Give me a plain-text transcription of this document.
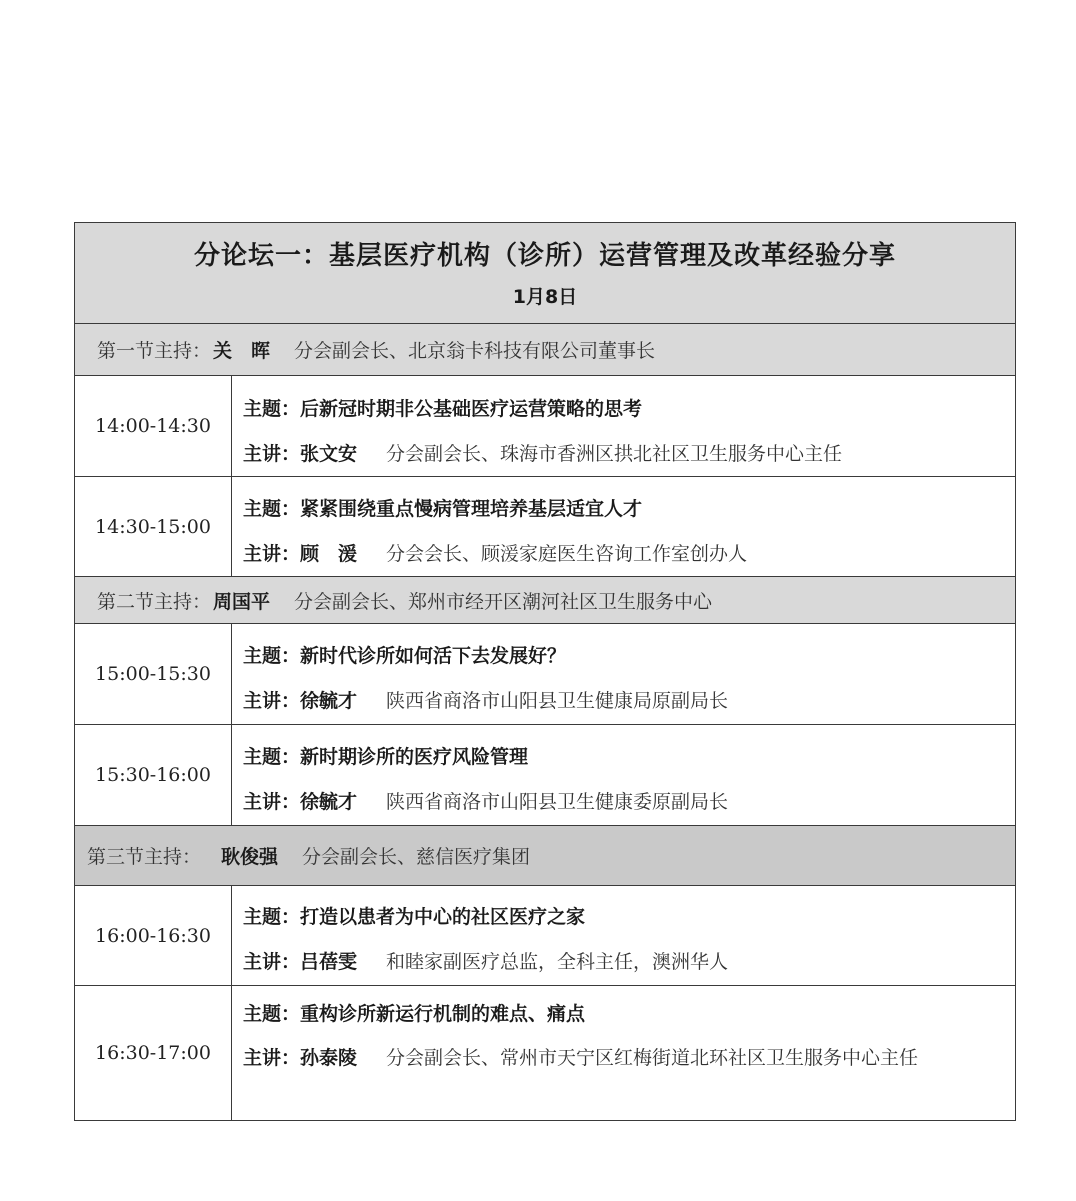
分论坛一：基层医疗机构（诊所）运营管理及改革经验分享
1月8日
第一节主持： 关　晖 分会副会长、北京翁卡科技有限公司董事长
14:00-14:30
主题：后新冠时期非公基础医疗运营策略的思考
主讲：张文安 分会副会长、珠海市香洲区拱北社区卫生服务中心主任
14:30-15:00
主题：紧紧围绕重点慢病管理培养基层适宜人才
主讲：顾　湲 分会会长、顾湲家庭医生咨询工作室创办人
第二节主持： 周国平 分会副会长、郑州市经开区潮河社区卫生服务中心
15:00-15:30
主题：新时代诊所如何活下去发展好？
主讲：徐毓才 陕西省商洛市山阳县卫生健康局原副局长
15:30-16:00
主题：新时期诊所的医疗风险管理
主讲：徐毓才 陕西省商洛市山阳县卫生健康委原副局长
第三节主持： 耿俊强 分会副会长、慈信医疗集团
16:00-16:30
主题：打造以患者为中心的社区医疗之家
主讲：吕蓓雯 和睦家副医疗总监，全科主任，澳洲华人
16:30-17:00
主题：重构诊所新运行机制的难点、痛点
主讲：孙泰陵 分会副会长、常州市天宁区红梅街道北环社区卫生服务中心主任
